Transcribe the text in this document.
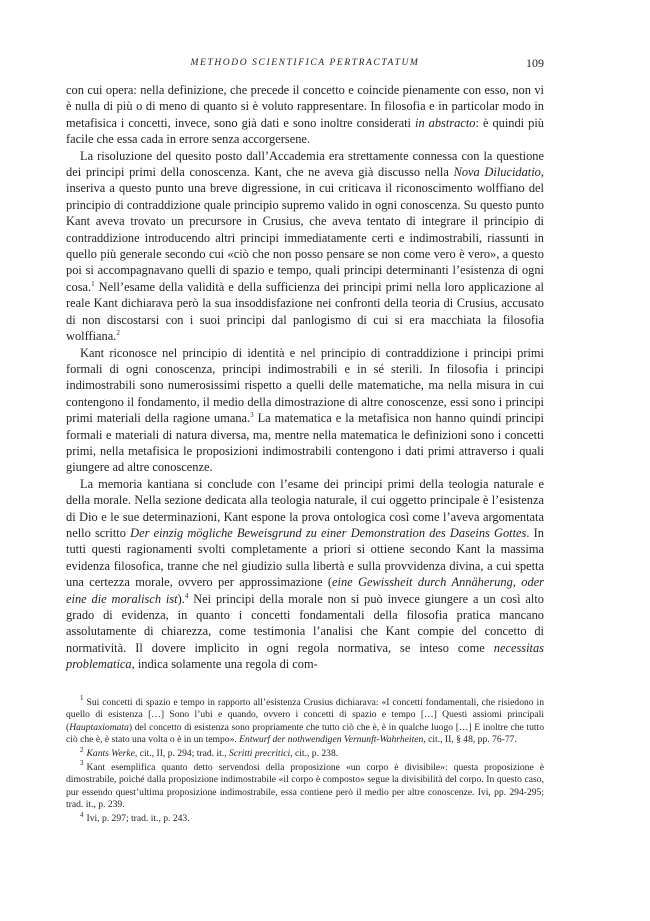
METHODO SCIENTIFICA PERTRACTATUM	109

con cui opera: nella definizione, che precede il concetto e coincide pienamente con esso, non vi è nulla di più o di meno di quanto si è voluto rappresentare. In filosofia e in particolar modo in metafisica i concetti, invece, sono già dati e sono inoltre considerati in abstracto: è quindi più facile che essa cada in errore senza accorgersene.

La risoluzione del quesito posto dall’Accademia era strettamente connessa con la questione dei principi primi della conoscenza. Kant, che ne aveva già discusso nella Nova Dilucidatio, inseriva a questo punto una breve digressione, in cui criticava il riconoscimento wolffiano del principio di contraddizione quale principio supremo valido in ogni conoscenza. Su questo punto Kant aveva trovato un precursore in Crusius, che aveva tentato di integrare il principio di contraddizione introducendo altri principi immediatamente certi e indimostrabili, riassunti in quello più generale secondo cui «ciò che non posso pensare se non come vero è vero», a questo poi si accompagnavano quelli di spazio e tempo, quali principi determinanti l’esistenza di ogni cosa.$^1$ Nell’esame della validità e della sufficienza dei principi primi nella loro applicazione al reale Kant dichiarava però la sua insoddisfazione nei confronti della teoria di Crusius, accusato di non discostarsi con i suoi principi dal panlogismo di cui si era macchiata la filosofia wolffiana.$^2$

Kant riconosce nel principio di identità e nel principio di contraddizione i principi primi formali di ogni conoscenza, principi indimostrabili e in sé sterili. In filosofia i principi indimostrabili sono numerosissimi rispetto a quelli delle matematiche, ma nella misura in cui contengono il fondamento, il medio della dimostrazione di altre conoscenze, essi sono i principi primi materiali della ragione umana.$^3$ La matematica e la metafisica non hanno quindi principi formali e materiali di natura diversa, ma, mentre nella matematica le definizioni sono i concetti primi, nella metafisica le proposizioni indimostrabili contengono i dati primi attraverso i quali giungere ad altre conoscenze.

La memoria kantiana si conclude con l’esame dei principi primi della teologia naturale e della morale. Nella sezione dedicata alla teologia naturale, il cui oggetto principale è l’esistenza di Dio e le sue determinazioni, Kant espone la prova ontologica così come l’aveva argomentata nello scritto Der einzig mögliche Beweisgrund zu einer Demonstration des Daseins Gottes. In tutti questi ragionamenti svolti completamente a priori si ottiene secondo Kant la massima evidenza filosofica, tranne che nel giudizio sulla libertà e sulla provvidenza divina, a cui spetta una certezza morale, ovvero per approssimazione (eine Gewissheit durch Annäherung, oder eine die moralisch ist).$^4$ Nei principi della morale non si può invece giungere a un così alto grado di evidenza, in quanto i concetti fondamentali della filosofia pratica mancano assolutamente di chiarezza, come testimonia l’analisi che Kant compie del concetto di normatività. Il dovere implicito in ogni regola normativa, se inteso come necessitas problematica, indica solamente una regola di com-

$^1$ Sui concetti di spazio e tempo in rapporto all’esistenza Crusius dichiarava: «I concetti fondamentali, che risiedono in quello di esistenza […] Sono l’ubi e quando, ovvero i concetti di spazio e tempo […] Questi assiomi principali (Hauptaxiomata) del concetto di esistenza sono propriamente che tutto ciò che è, è in qualche luogo […] E inoltre che tutto ciò che è, è stato una volta o è in un tempo». Entwurf der nothwendigen Vernunft-Wahrheiten, cit., II, § 48, pp. 76-77.

$^2$ Kants Werke, cit., II, p. 294; trad. it., Scritti precritici, cit., p. 238.

$^3$ Kant esemplifica quanto detto servendosi della proposizione «un corpo è divisibile»: questa proposizione è dimostrabile, poiché dalla proposizione indimostrabile «il corpo è composto» segue la divisibilità del corpo. In questo caso, pur essendo quest’ultima proposizione indimostrabile, essa contiene però il medio per altre conoscenze. Ivi, pp. 294-295; trad. it., p. 239.

$^4$ Ivi, p. 297; trad. it., p. 243.
